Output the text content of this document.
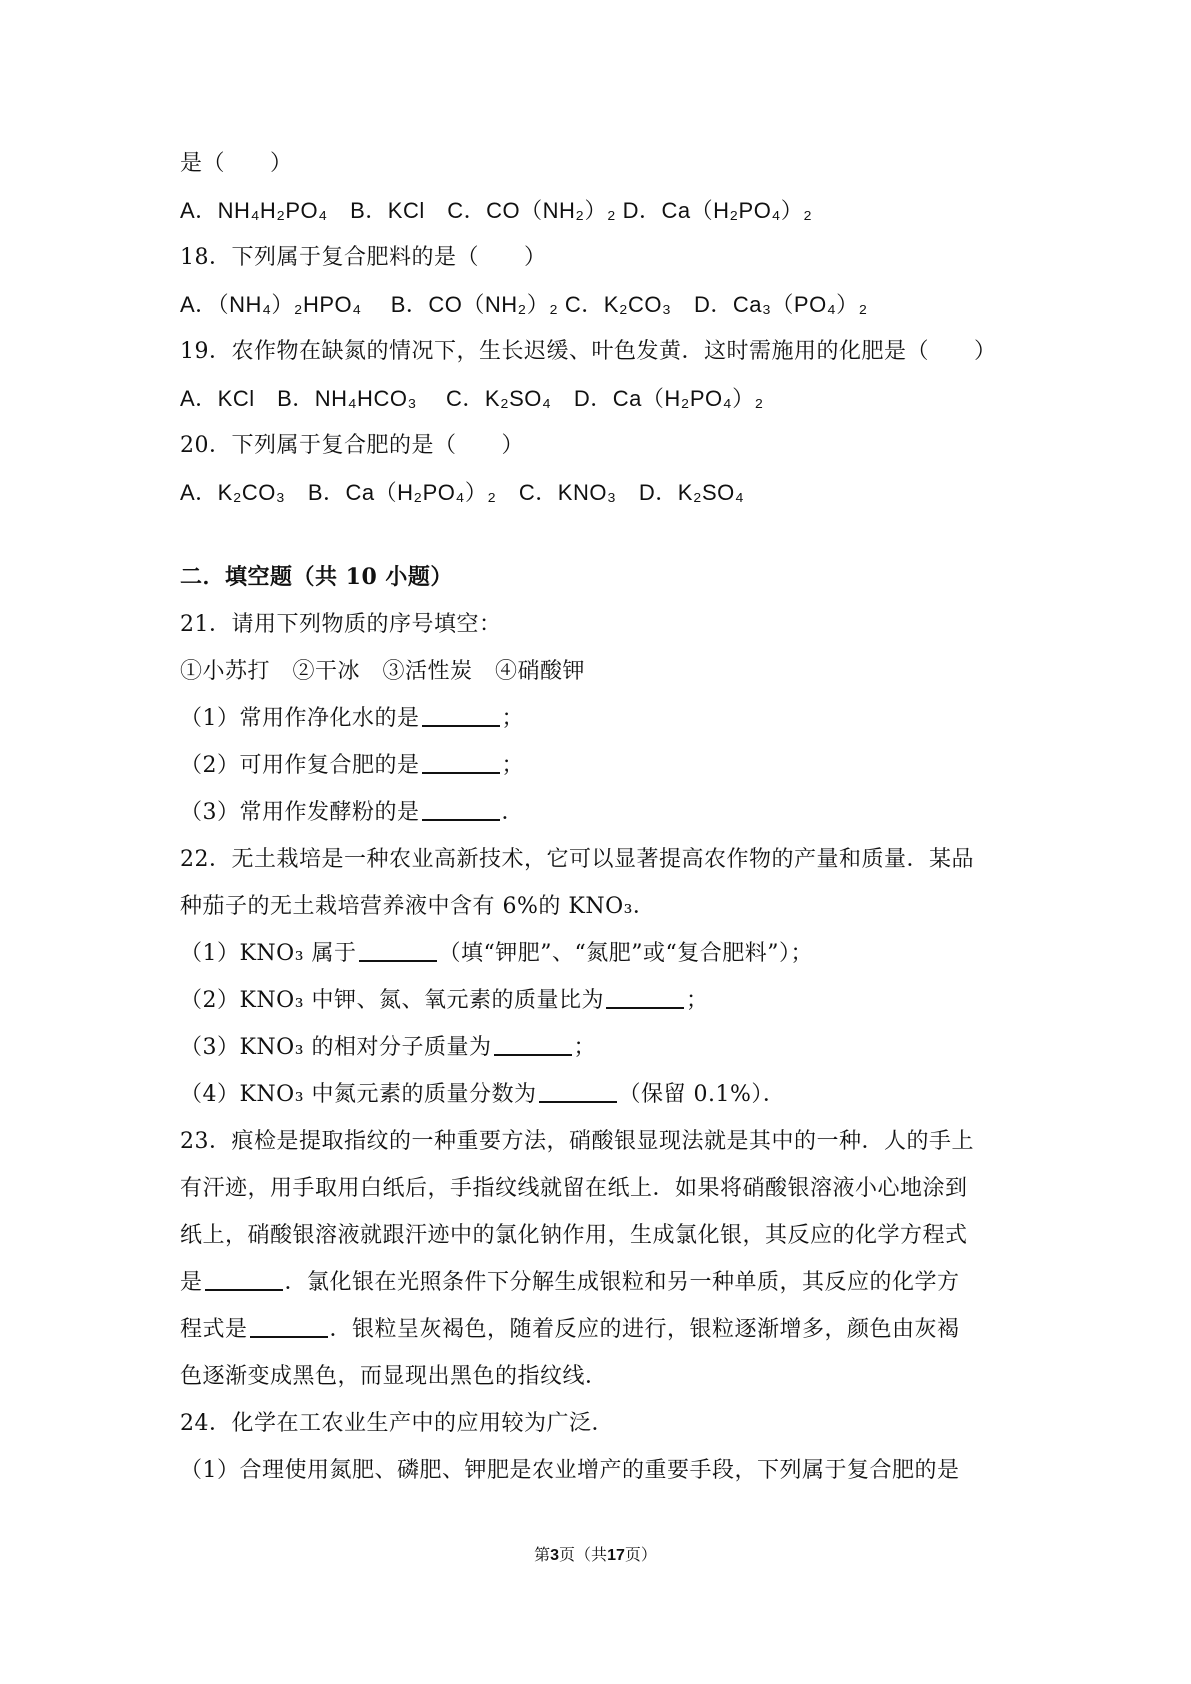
是（　　）
A．NH₄H₂PO₄　B．KCl　C．CO（NH₂）₂ D．Ca（H₂PO₄）₂
18．下列属于复合肥料的是（　　）
A．（NH₄）₂HPO₄　 B．CO（NH₂）₂ C．K₂CO₃　D．Ca₃（PO₄）₂
19．农作物在缺氮的情况下，生长迟缓、叶色发黄．这时需施用的化肥是（　　）
A．KCl　B．NH₄HCO₃　 C．K₂SO₄　D．Ca（H₂PO₄）₂
20．下列属于复合肥的是（　　）
A．K₂CO₃　B．Ca（H₂PO₄）₂　C．KNO₃　D．K₂SO₄
二．填空题（共 10 小题）
21．请用下列物质的序号填空：
①小苏打　②干冰　③活性炭　④硝酸钾
（1）常用作净化水的是	；
（2）可用作复合肥的是	；
（3）常用作发酵粉的是	．
22．无土栽培是一种农业高新技术，它可以显著提高农作物的产量和质量．某品
种茄子的无土栽培营养液中含有 6%的 KNO₃．
（1）KNO₃ 属于	（填“钾肥”、“氮肥”或“复合肥料”）；
（2）KNO₃ 中钾、氮、氧元素的质量比为	；
（3）KNO₃ 的相对分子质量为	；
（4）KNO₃ 中氮元素的质量分数为	（保留 0.1%）．
23．痕检是提取指纹的一种重要方法，硝酸银显现法就是其中的一种．人的手上
有汗迹，用手取用白纸后，手指纹线就留在纸上．如果将硝酸银溶液小心地涂到
纸上，硝酸银溶液就跟汗迹中的氯化钠作用，生成氯化银，其反应的化学方程式
是	．氯化银在光照条件下分解生成银粒和另一种单质，其反应的化学方
程式是	．银粒呈灰褐色，随着反应的进行，银粒逐渐增多，颜色由灰褐
色逐渐变成黑色，而显现出黑色的指纹线．
24．化学在工农业生产中的应用较为广泛．
（1）合理使用氮肥、磷肥、钾肥是农业增产的重要手段，下列属于复合肥的是
第3页（共17页）
